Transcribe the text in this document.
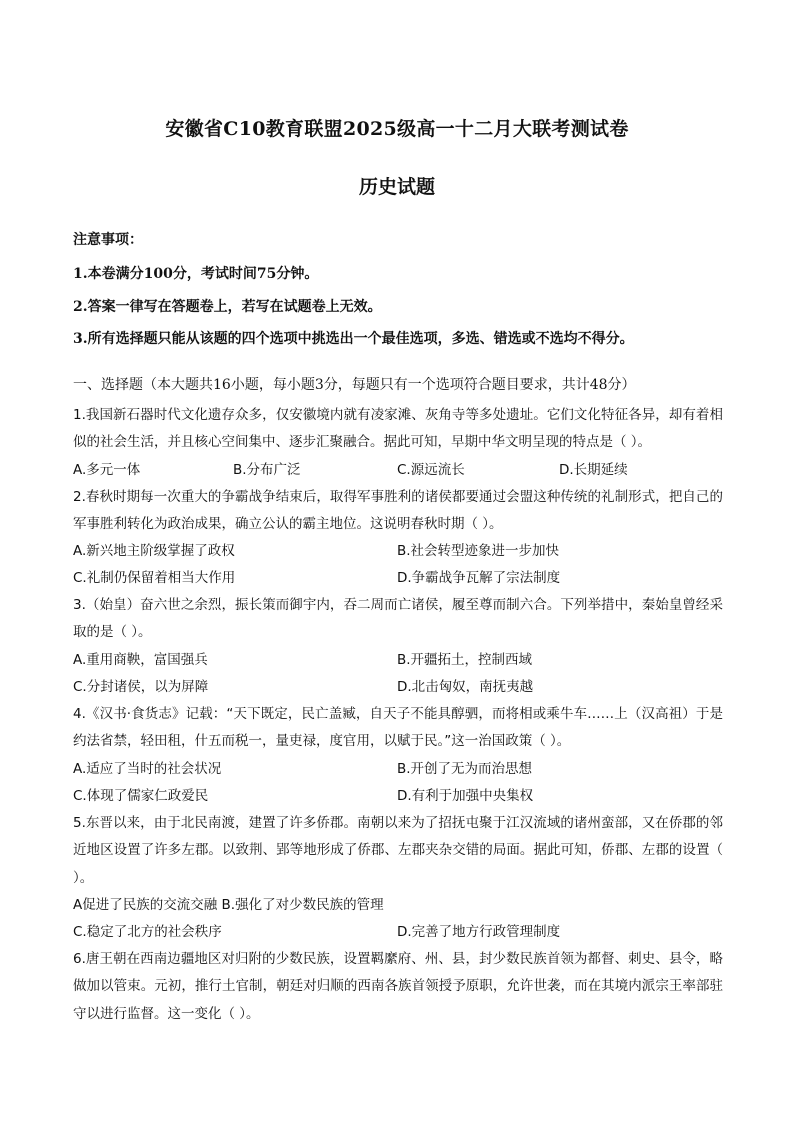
安徽省C10教育联盟2025级高一十二月大联考测试卷
历史试题
注意事项：
1.本卷满分100分，考试时间75分钟。
2.答案一律写在答题卷上，若写在试题卷上无效。
3.所有选择题只能从该题的四个选项中挑选出一个最佳选项，多选、错选或不选均不得分。
一、选择题（本大题共16小题，每小题3分，每题只有一个选项符合题目要求，共计48分）
1.我国新石器时代文化遗存众多，仅安徽境内就有凌家滩、灰角寺等多处遗址。它们文化特征各异，却有着相似的社会生活，并且核心空间集中、逐步汇聚融合。据此可知，早期中华文明呈现的特点是（ ）。
A.多元一体	B.分布广泛	C.源远流长	D.长期延续
2.春秋时期每一次重大的争霸战争结束后，取得军事胜利的诸侯都要通过会盟这种传统的礼制形式，把自己的军事胜利转化为政治成果，确立公认的霸主地位。这说明春秋时期（ ）。
A.新兴地主阶级掌握了政权	B.社会转型迹象进一步加快
C.礼制仍保留着相当大作用	D.争霸战争瓦解了宗法制度
3.（始皇）奋六世之余烈，振长策而御宇内，吞二周而亡诸侯，履至尊而制六合。下列举措中，秦始皇曾经采取的是（ ）。
A.重用商鞅，富国强兵	B.开疆拓土，控制西域
C.分封诸侯，以为屏障	D.北击匈奴，南抚夷越
4.《汉书·食货志》记载：“天下既定，民亡盖臧，自天子不能具醇驷，而将相或乘牛车……上（汉高祖）于是约法省禁，轻田租，什五而税一，量吏禄，度官用，以赋于民。”这一治国政策（ ）。
A.适应了当时的社会状况	B.开创了无为而治思想
C.体现了儒家仁政爱民	D.有利于加强中央集权
5.东晋以来，由于北民南渡，建置了许多侨郡。南朝以来为了招抚屯聚于江汉流域的诸州蛮部，又在侨郡的邻近地区设置了许多左郡。以致荆、郢等地形成了侨郡、左郡夹杂交错的局面。据此可知，侨郡、左郡的设置（ ）。
A促进了民族的交流交融 B.强化了对少数民族的管理
C.稳定了北方的社会秩序	D.完善了地方行政管理制度
6.唐王朝在西南边疆地区对归附的少数民族，设置羁縻府、州、县，封少数民族首领为都督、刺史、县令，略做加以管束。元初，推行土官制，朝廷对归顺的西南各族首领授予原职，允许世袭，而在其境内派宗王率部驻守以进行监督。这一变化（ ）。
